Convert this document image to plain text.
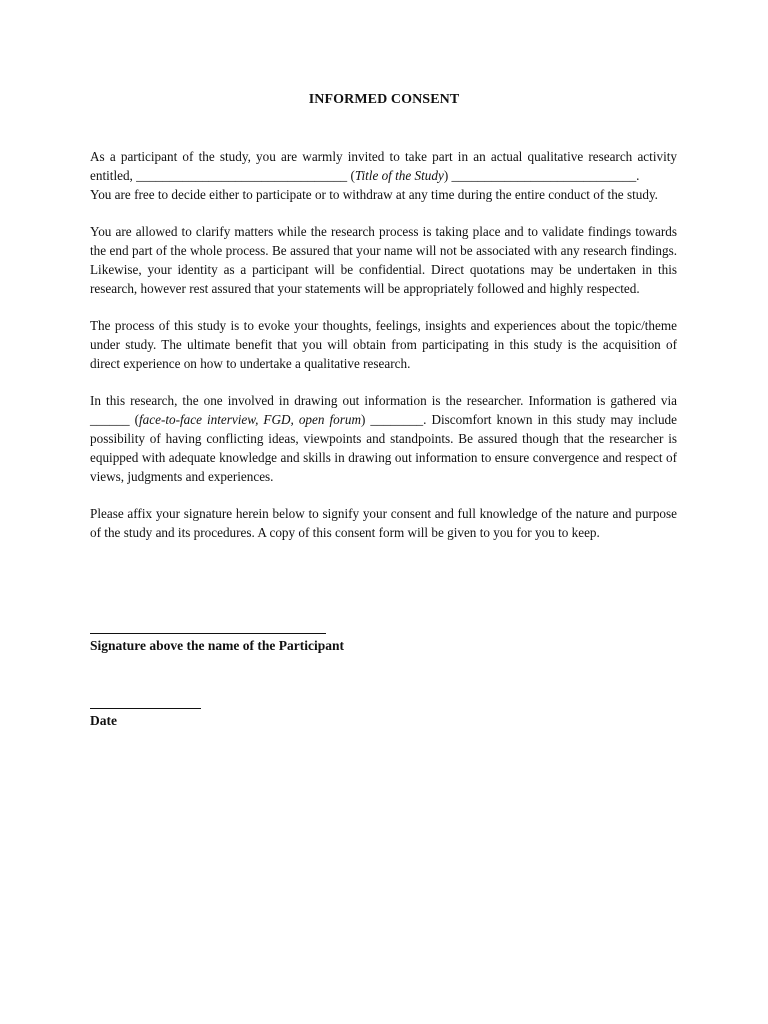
INFORMED CONSENT

As a participant of the study, you are warmly invited to take part in an actual qualitative research activity entitled, ________________________________ (Title of the Study) ____________________________.
You are free to decide either to participate or to withdraw at any time during the entire conduct of the study.

You are allowed to clarify matters while the research process is taking place and to validate findings towards the end part of the whole process. Be assured that your name will not be associated with any research findings. Likewise, your identity as a participant will be confidential. Direct quotations may be undertaken in this research, however rest assured that your statements will be appropriately followed and highly respected.

The process of this study is to evoke your thoughts, feelings, insights and experiences about the topic/theme under study. The ultimate benefit that you will obtain from participating in this study is the acquisition of direct experience on how to undertake a qualitative research.

In this research, the one involved in drawing out information is the researcher. Information is gathered via ______ (face-to-face interview, FGD, open forum) ________. Discomfort known in this study may include possibility of having conflicting ideas, viewpoints and standpoints. Be assured though that the researcher is equipped with adequate knowledge and skills in drawing out information to ensure convergence and respect of views, judgments and experiences.

Please affix your signature herein below to signify your consent and full knowledge of the nature and purpose of the study and its procedures. A copy of this consent form will be given to you for you to keep.

Signature above the name of the Participant
Date
